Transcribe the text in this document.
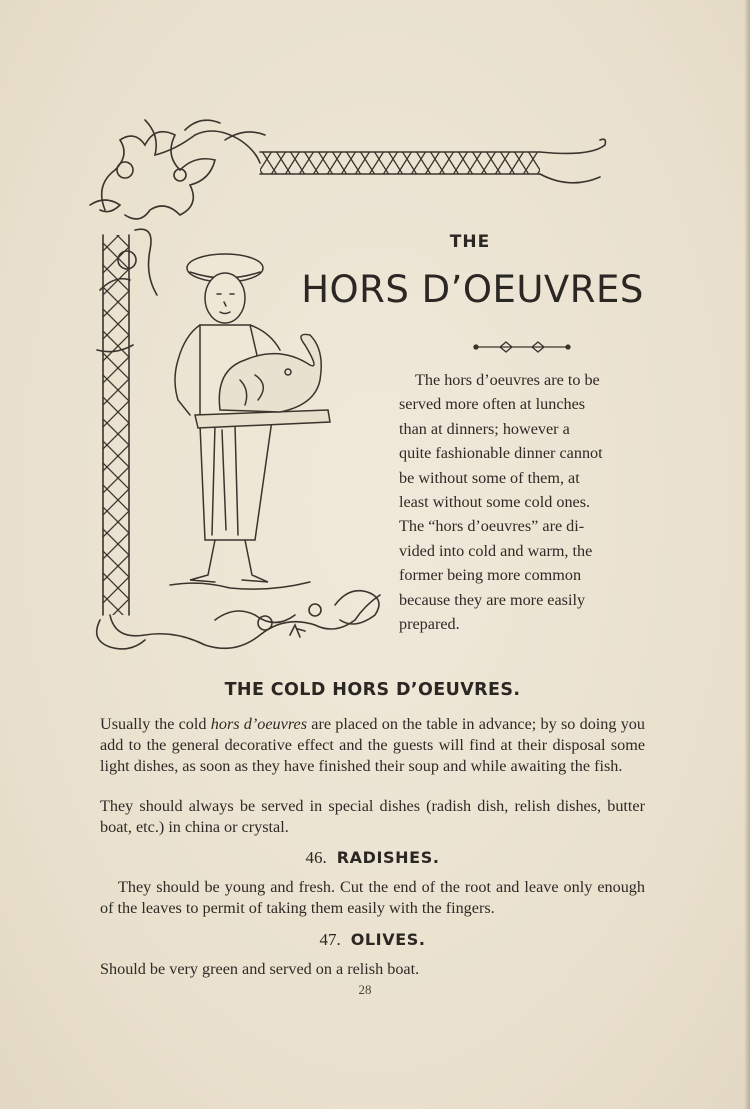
THE
HORS D’OEUVRES
The hors d’oeuvres are to be
served more often at lunches
than at dinners; however a
quite fashionable dinner cannot
be without some of them, at
least without some cold ones.
The “hors d’oeuvres” are di-
vided into cold and warm, the
former being more common
because they are more easily
prepared.
THE COLD HORS D’OEUVRES.
Usually the cold hors d’oeuvres are placed on the table in advance; by so doing you add to the general decorative effect and the guests will find at their disposal some light dishes, as soon as they have finished their soup and while awaiting the fish.
They should always be served in special dishes (radish dish, relish dishes, butter boat, etc.) in china or crystal.
46. RADISHES.
They should be young and fresh. Cut the end of the root and leave only enough of the leaves to permit of taking them easily with the fingers.
47. OLIVES.
Should be very green and served on a relish boat.
28
